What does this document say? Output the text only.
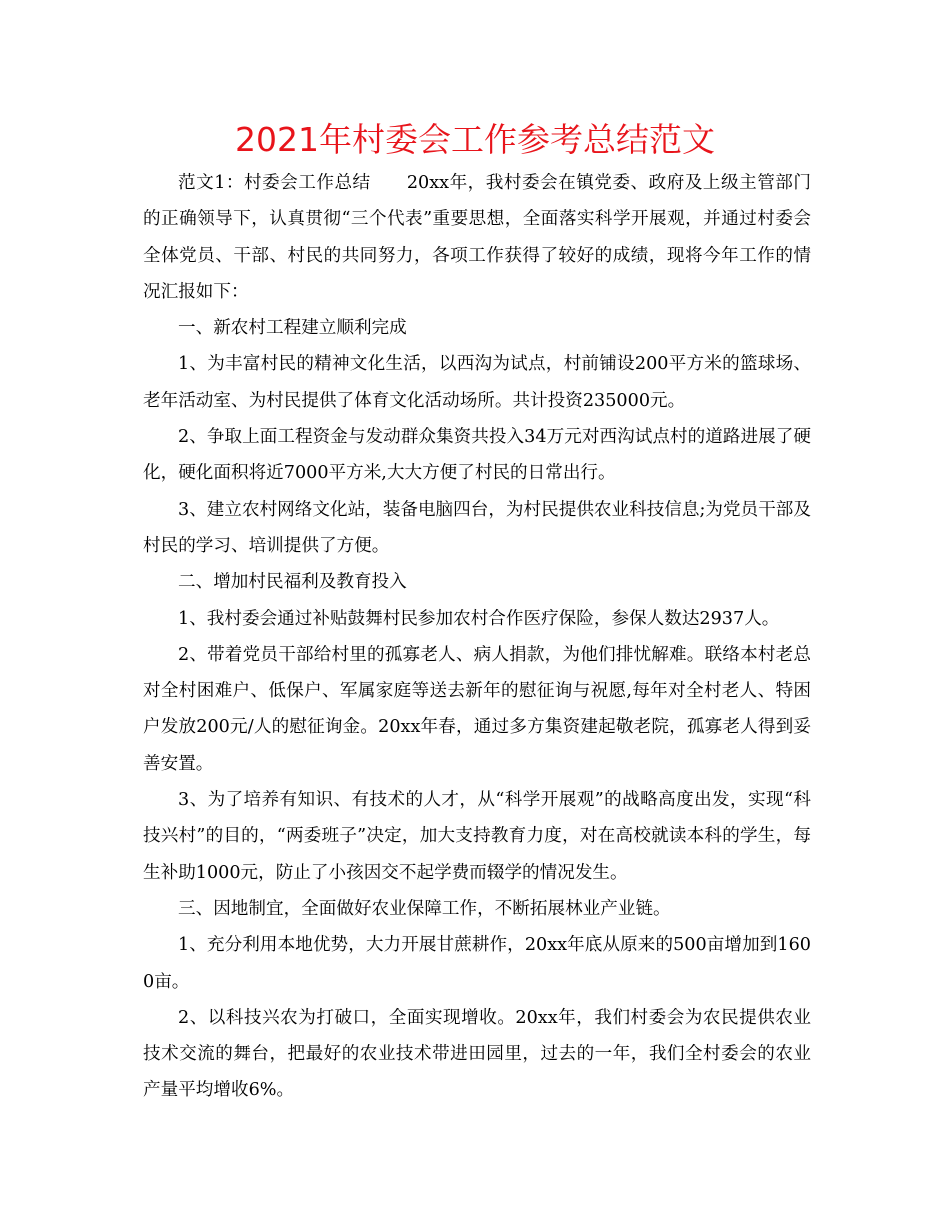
2021年村委会工作参考总结范文

范文1：村委会工作总结　　20xx年，我村委会在镇党委、政府及上级主管部门的正确领导下，认真贯彻“三个代表”重要思想，全面落实科学开展观，并通过村委会全体党员、干部、村民的共同努力，各项工作获得了较好的成绩，现将今年工作的情况汇报如下：

一、新农村工程建立顺利完成

1、为丰富村民的精神文化生活，以西沟为试点，村前铺设200平方米的篮球场、老年活动室、为村民提供了体育文化活动场所。共计投资235000元。

2、争取上面工程资金与发动群众集资共投入34万元对西沟试点村的道路进展了硬化，硬化面积将近7000平方米,大大方便了村民的日常出行。

3、建立农村网络文化站，装备电脑四台，为村民提供农业科技信息;为党员干部及村民的学习、培训提供了方便。

二、增加村民福利及教育投入

1、我村委会通过补贴鼓舞村民参加农村合作医疗保险，参保人数达2937人。

2、带着党员干部给村里的孤寡老人、病人捐款，为他们排忧解难。联络本村老总对全村困难户、低保户、军属家庭等送去新年的慰征询与祝愿,每年对全村老人、特困户发放200元/人的慰征询金。20xx年春，通过多方集资建起敬老院，孤寡老人得到妥善安置。

3、为了培养有知识、有技术的人才，从“科学开展观”的战略高度出发，实现“科技兴村”的目的，“两委班子”决定，加大支持教育力度，对在高校就读本科的学生，每生补助1000元，防止了小孩因交不起学费而辍学的情况发生。

三、因地制宜，全面做好农业保障工作，不断拓展林业产业链。

1、充分利用本地优势，大力开展甘蔗耕作，20xx年底从原来的500亩增加到1600亩。

2、以科技兴农为打破口，全面实现增收。20xx年，我们村委会为农民提供农业技术交流的舞台，把最好的农业技术带进田园里，过去的一年，我们全村委会的农业产量平均增收6%。
